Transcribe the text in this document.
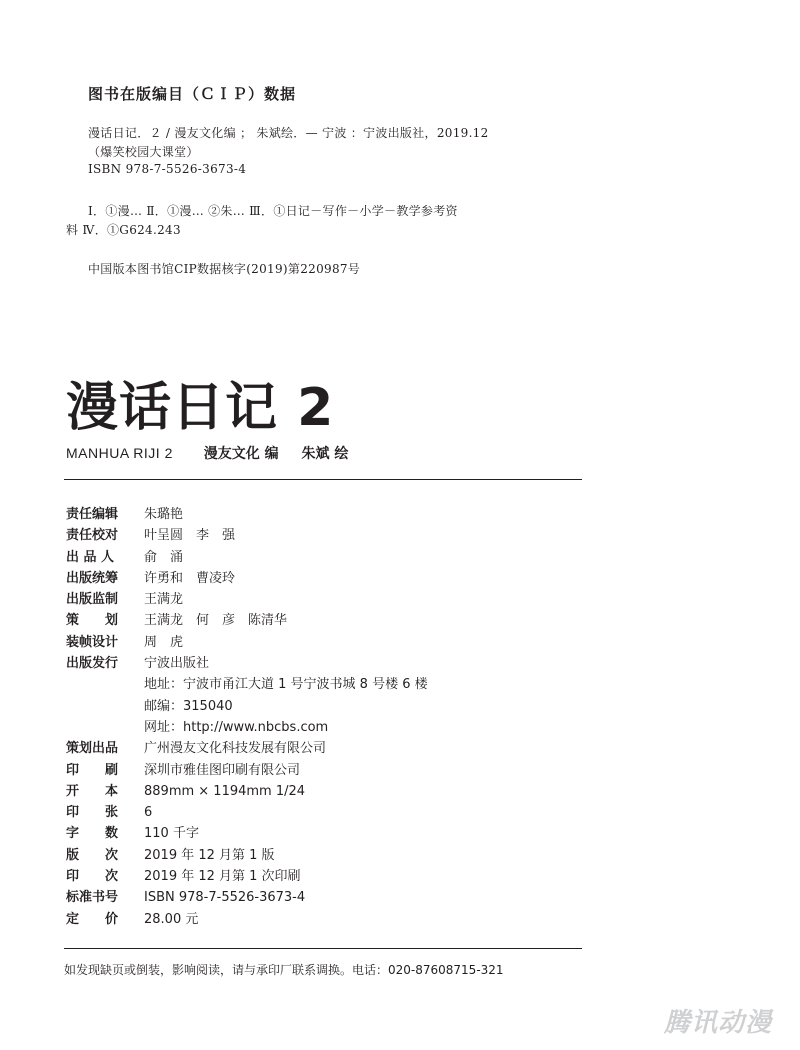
图书在版编目（ＣＩＰ）数据
漫话日记．２ / 漫友文化编 ； 朱斌绘．— 宁波 ：宁波出版社，2019.12
（爆笑校园大课堂）
ISBN 978-7-5526-3673-4
Ⅰ．①漫… Ⅱ．①漫… ②朱… Ⅲ．①日记－写作－小学－教学参考资
料 Ⅳ．①G624.243
中国版本图书馆CIP数据核字(2019)第220987号
漫话日记 2
MANHUA RIJI 2 漫友文化 编 朱斌 绘
责任编辑	朱璐艳
责任校对	叶呈圆　李　强
出 品 人	俞　涌
出版统筹	许勇和　曹凌玲
出版监制	王满龙
策　　划	王满龙　何　彦　陈清华
装帧设计	周　虎
出版发行	宁波出版社
地址：宁波市甬江大道 1 号宁波书城 8 号楼 6 楼
邮编：315040
网址：http://www.nbcbs.com
策划出品	广州漫友文化科技发展有限公司
印　　刷	深圳市雅佳图印刷有限公司
开　　本	889mm × 1194mm 1/24
印　　张	6
字　　数	110 千字
版　　次	2019 年 12 月第 1 版
印　　次	2019 年 12 月第 1 次印刷
标准书号	ISBN 978-7-5526-3673-4
定　　价	28.00 元
如发现缺页或倒装，影响阅读，请与承印厂联系调换。电话：020-87608715-321
腾讯动漫
